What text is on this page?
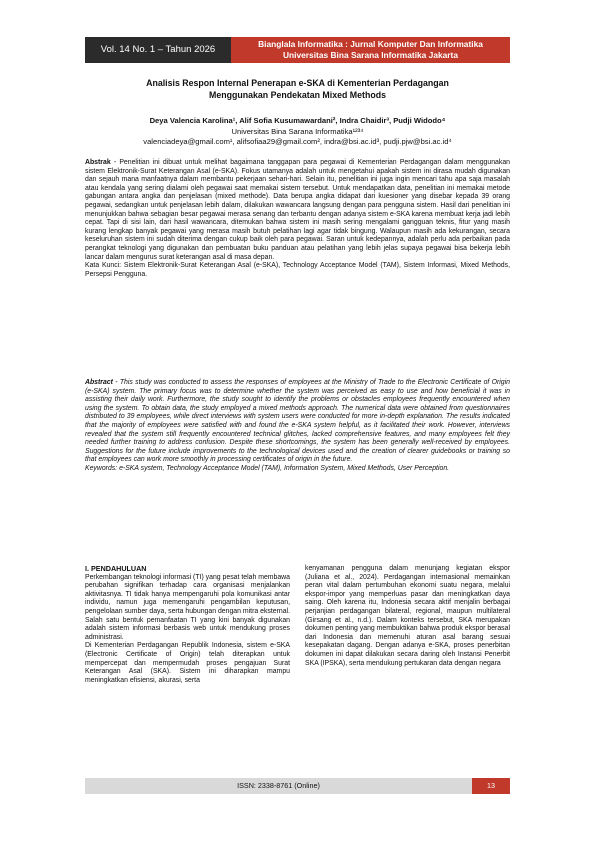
Vol. 14 No. 1 – Tahun 2026	Bianglala Informatika : Jurnal Komputer Dan Informatika
Universitas Bina Sarana Informatika Jakarta
Analisis Respon Internal Penerapan e-SKA di Kementerian Perdagangan
Menggunakan Pendekatan Mixed Methods
Deya Valencia Karolina¹, Alif Sofia Kusumawardani², Indra Chaidir³, Pudji Widodo⁴
Universitas Bina Sarana Informatika¹²³⁴
valenciadeya@gmail.com¹, alifsofiaa29@gmail.com², indra@bsi.ac.id³, pudji.pjw@bsi.ac.id⁴

Abstrak - Penelitian ini dibuat untuk melihat bagaimana tanggapan para pegawai di Kementerian Perdagangan dalam menggunakan sistem Elektronik-Surat Keterangan Asal (e-SKA). Fokus utamanya adalah untuk mengetahui apakah sistem ini dirasa mudah digunakan dan sejauh mana manfaatnya dalam membantu pekerjaan sehari-hari. Selain itu, penelitian ini juga ingin mencari tahu apa saja masalah atau kendala yang sering dialami oleh pegawai saat memakai sistem tersebut. Untuk mendapatkan data, penelitian ini memakai metode gabungan antara angka dan penjelasan (mixed methode). Data berupa angka didapat dari kuesioner yang disebar kepada 39 orang pegawai, sedangkan untuk penjelasan lebih dalam, dilakukan wawancara langsung dengan para pengguna sistem. Hasil dari penelitian ini menunjukkan bahwa sebagian besar pegawai merasa senang dan terbantu dengan adanya sistem e-SKA karena membuat kerja jadi lebih cepat. Tapi di sisi lain, dari hasil wawancara, ditemukan bahwa sistem ini masih sering mengalami gangguan teknis, fitur yang masih kurang lengkap banyak pegawai yang merasa masih butuh pelatihan lagi agar tidak bingung. Walaupun masih ada kekurangan, secara keseluruhan sistem ini sudah diterima dengan cukup baik oleh para pegawai. Saran untuk kedepannya, adalah perlu ada perbaikan pada perangkat teknologi yang digunakan dan pembuatan buku panduan atau pelatihan yang lebih jelas supaya pegawai bisa bekerja lebih lancar dalam mengurus surat keterangan asal di masa depan.

Kata Kunci: Sistem Elektronik-Surat Keterangan Asal (e-SKA), Technology Acceptance Model (TAM), Sistem Informasi, Mixed Methods, Persepsi Pengguna.

Abstract - This study was conducted to assess the responses of employees at the Ministry of Trade to the Electronic Certificate of Origin (e-SKA) system. The primary focus was to determine whether the system was perceived as easy to use and how beneficial it was in assisting their daily work. Furthermore, the study sought to identify the problems or obstacles employees frequently encountered when using the system. To obtain data, the study employed a mixed methods approach. The numerical data were obtained from questionnaires distributed to 39 employees, while direct interviews with system users were conducted for more in-depth explanation. The results indicated that the majority of employees were satisfied with and found the e-SKA system helpful, as it facilitated their work. However, interviews revealed that the system still frequently encountered technical glitches, lacked comprehensive features, and many employees felt they needed further training to address confusion. Despite these shortcomings, the system has been generally well-received by employees. Suggestions for the future include improvements to the technological devices used and the creation of clearer guidebooks or training so that employees can work more smoothly in processing certificates of origin in the future.

Keywords: e-SKA system, Technology Acceptance Model (TAM), Information System, Mixed Methods, User Perception.

I. PENDAHULUAN

Perkembangan teknologi informasi (TI) yang pesat telah membawa perubahan signifikan terhadap cara organisasi menjalankan aktivitasnya. TI tidak hanya mempengaruhi pola komunikasi antar individu, namun juga memengaruhi pengambilan keputusan, pengelolaan sumber daya, serta hubungan dengan mitra eksternal. Salah satu bentuk pemanfaatan TI yang kini banyak digunakan adalah sistem informasi berbasis web untuk mendukung proses administrasi.

Di Kementerian Perdagangan Republik Indonesia, sistem e-SKA (Electronic Certificate of Origin) telah diterapkan untuk mempercepat dan mempermudah proses pengajuan Surat Keterangan Asal (SKA). Sistem ini diharapkan mampu meningkatkan efisiensi, akurasi, serta

kenyamanan pengguna dalam menunjang kegiatan ekspor (Juliana et al., 2024). Perdagangan internasional memainkan peran vital dalam pertumbuhan ekonomi suatu negara, melalui ekspor-impor yang memperluas pasar dan meningkatkan daya saing. Oleh karena itu, Indonesia secara aktif menjalin berbagai perjanjian perdagangan bilateral, regional, maupun multilateral (Girsang et al., n.d.). Dalam konteks tersebut, SKA merupakan dokumen penting yang membuktikan bahwa produk ekspor berasal dari Indonesia dan memenuhi aturan asal barang sesuai kesepakatan dagang. Dengan adanya e-SKA, proses penerbitan dokumen ini dapat dilakukan secara daring oleh Instansi Penerbit SKA (IPSKA), serta mendukung pertukaran data dengan negara

ISSN: 2338-8761 (Online)	13
